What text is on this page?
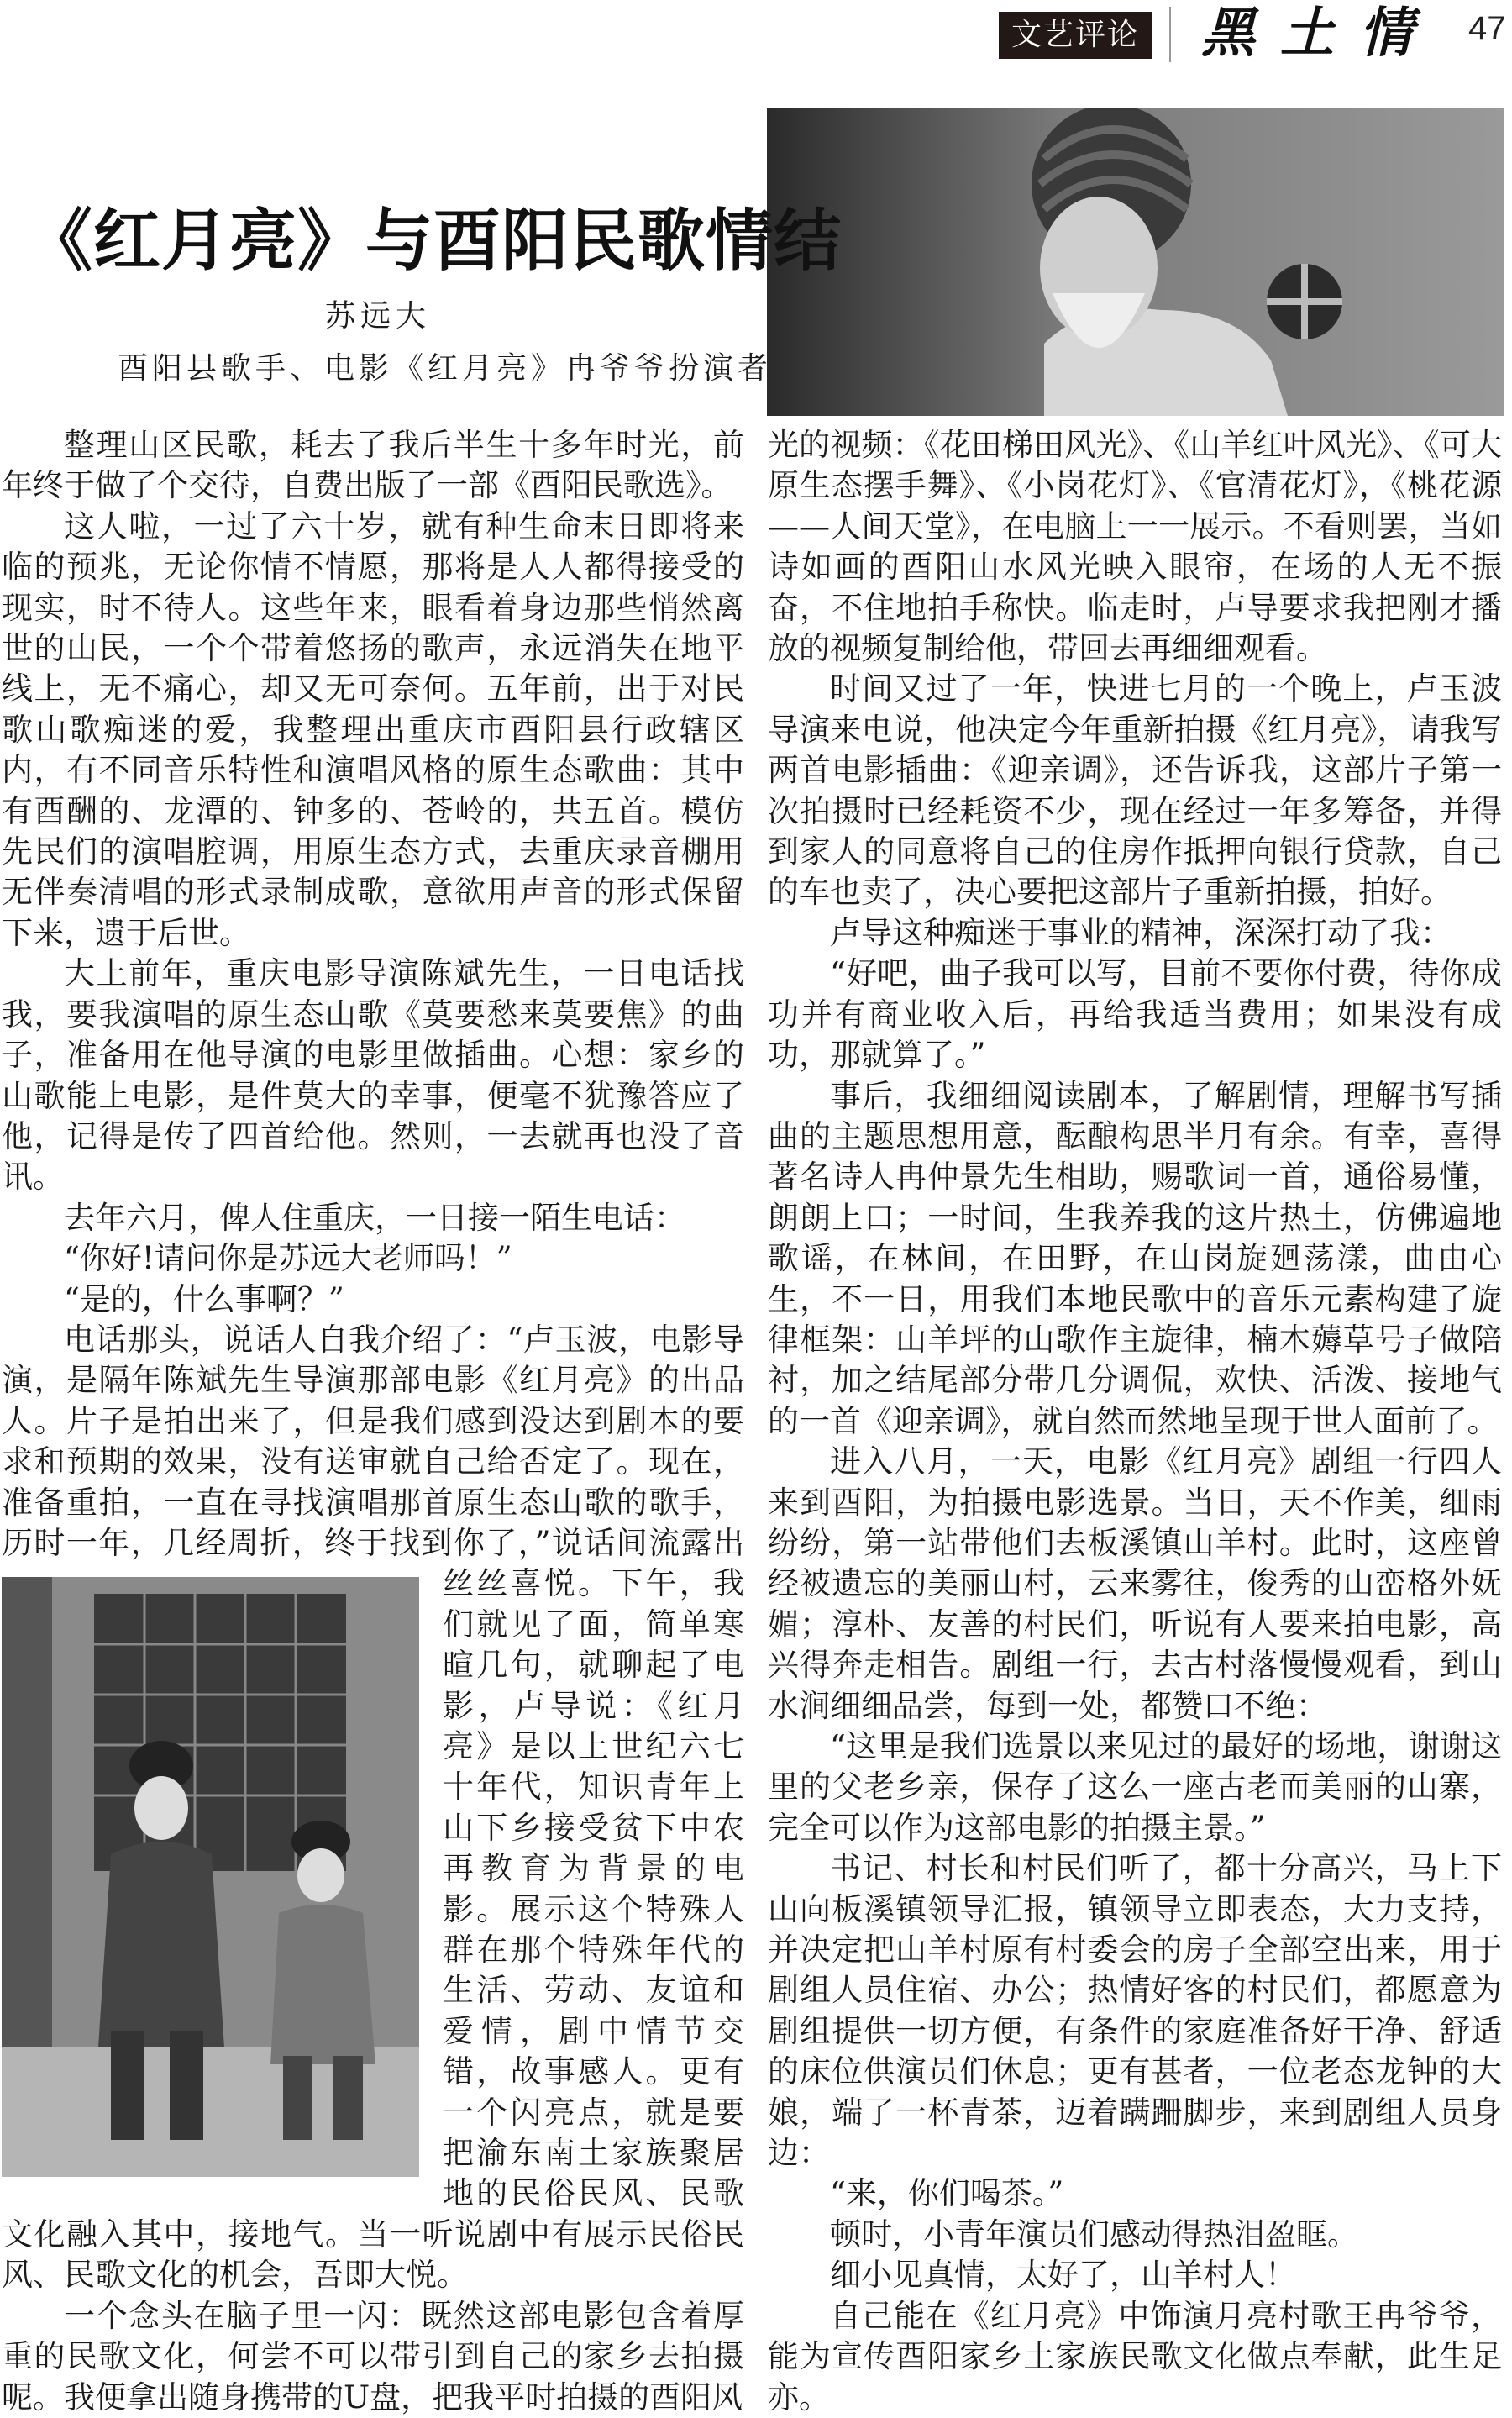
文艺评论 黑土情 47
《红月亮》与酉阳民歌情结
苏远大
酉阳县歌手、电影《红月亮》冉爷爷扮演者

整理山区民歌，耗去了我后半生十多年时光，前年终于做了个交待，自费出版了一部《酉阳民歌选》。

这人啦，一过了六十岁，就有种生命末日即将来临的预兆，无论你情不情愿，那将是人人都得接受的现实，时不待人。这些年来，眼看着身边那些悄然离世的山民，一个个带着悠扬的歌声，永远消失在地平线上，无不痛心，却又无可奈何。五年前，出于对民歌山歌痴迷的爱，我整理出重庆市酉阳县行政辖区内，有不同音乐特性和演唱风格的原生态歌曲：其中有酉酬的、龙潭的、钟多的、苍岭的，共五首。模仿先民们的演唱腔调，用原生态方式，去重庆录音棚用无伴奏清唱的形式录制成歌，意欲用声音的形式保留下来，遗于后世。

大上前年，重庆电影导演陈斌先生，一日电话找我，要我演唱的原生态山歌《莫要愁来莫要焦》的曲子，准备用在他导演的电影里做插曲。心想：家乡的山歌能上电影，是件莫大的幸事，便毫不犹豫答应了他，记得是传了四首给他。然则，一去就再也没了音讯。

去年六月，俾人住重庆，一日接一陌生电话：

“你好!请问你是苏远大老师吗！”

“是的，什么事啊？”

电话那头，说话人自我介绍了：“卢玉波，电影导演，是隔年陈斌先生导演那部电影《红月亮》的出品人。片子是拍出来了，但是我们感到没达到剧本的要求和预期的效果，没有送审就自己给否定了。现在，准备重拍，一直在寻找演唱那首原生态山歌的歌手，历时一年，几经周折，终于找到你了，”说话间流露出丝丝喜悦。下午，我们就见了面，简单寒暄几句，就聊起了电影，卢导说：《红月亮》是以上世纪六七十年代，知识青年上山下乡接受贫下中农再教育为背景的电影。展示这个特殊人群在那个特殊年代的生活、劳动、友谊和爱情，剧中情节交错，故事感人。更有一个闪亮点，就是要把渝东南土家族聚居地的民俗民风、民歌文化融入其中，接地气。当一听说剧中有展示民俗民风、民歌文化的机会，吾即大悦。

一个念头在脑子里一闪：既然这部电影包含着厚重的民歌文化，何尝不可以带引到自己的家乡去拍摄呢。我便拿出随身携带的U盘，把我平时拍摄的酉阳风

光的视频：《花田梯田风光》、《山羊红叶风光》、《可大原生态摆手舞》、《小岗花灯》、《官清花灯》，《桃花源——人间天堂》，在电脑上一一展示。不看则罢，当如诗如画的酉阳山水风光映入眼帘，在场的人无不振奋，不住地拍手称快。临走时，卢导要求我把刚才播放的视频复制给他，带回去再细细观看。

时间又过了一年，快进七月的一个晚上，卢玉波导演来电说，他决定今年重新拍摄《红月亮》，请我写两首电影插曲：《迎亲调》，还告诉我，这部片子第一次拍摄时已经耗资不少，现在经过一年多筹备，并得到家人的同意将自己的住房作抵押向银行贷款，自己的车也卖了，决心要把这部片子重新拍摄，拍好。

卢导这种痴迷于事业的精神，深深打动了我：

“好吧，曲子我可以写，目前不要你付费，待你成功并有商业收入后，再给我适当费用；如果没有成功，那就算了。”

事后，我细细阅读剧本，了解剧情，理解书写插曲的主题思想用意，酝酿构思半月有余。有幸，喜得著名诗人冉仲景先生相助，赐歌词一首，通俗易懂，朗朗上口；一时间，生我养我的这片热土，仿佛遍地歌谣，在林间，在田野，在山岗旋廻荡漾，曲由心生，不一日，用我们本地民歌中的音乐元素构建了旋律框架：山羊坪的山歌作主旋律，楠木薅草号子做陪衬，加之结尾部分带几分调侃，欢快、活泼、接地气的一首《迎亲调》，就自然而然地呈现于世人面前了。

进入八月，一天，电影《红月亮》剧组一行四人来到酉阳，为拍摄电影选景。当日，天不作美，细雨纷纷，第一站带他们去板溪镇山羊村。此时，这座曾经被遗忘的美丽山村，云来雾往，俊秀的山峦格外妩媚；淳朴、友善的村民们，听说有人要来拍电影，高兴得奔走相告。剧组一行，去古村落慢慢观看，到山水涧细细品尝，每到一处，都赞口不绝：

“这里是我们选景以来见过的最好的场地，谢谢这里的父老乡亲，保存了这么一座古老而美丽的山寨，完全可以作为这部电影的拍摄主景。”

书记、村长和村民们听了，都十分高兴，马上下山向板溪镇领导汇报，镇领导立即表态，大力支持，并决定把山羊村原有村委会的房子全部空出来，用于剧组人员住宿、办公；热情好客的村民们，都愿意为剧组提供一切方便，有条件的家庭准备好干净、舒适的床位供演员们休息；更有甚者，一位老态龙钟的大娘，端了一杯青茶，迈着蹒跚脚步，来到剧组人员身边：

“来，你们喝茶。”

顿时，小青年演员们感动得热泪盈眶。

细小见真情，太好了，山羊村人！

自己能在《红月亮》中饰演月亮村歌王冉爷爷，能为宣传酉阳家乡土家族民歌文化做点奉献，此生足亦。
